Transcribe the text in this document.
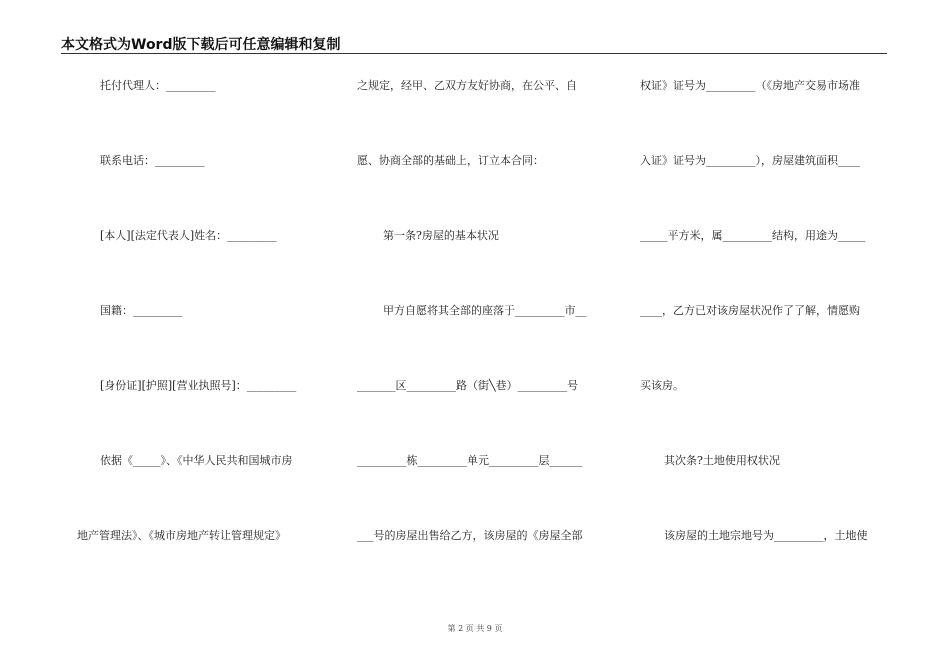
本文格式为Word版下载后可任意编辑和复制
托付代理人：_________
联系电话：_________
[本人][法定代表人]姓名：_________
国籍：_________
[身份证][护照][营业执照号]：_________
依据《_____》、《中华人民共和国城市房
地产管理法》、《城市房地产转让管理规定》
之规定，经甲、乙双方友好协商，在公平、自
愿、协商全部的基础上，订立本合同：
第一条?房屋的基本状况
甲方自愿将其全部的座落于_________市__
_______区_________路（街╲巷）_________号
_________栋_________单元_________层______
___号的房屋出售给乙方，该房屋的《房屋全部
权证》证号为_________（《房地产交易市场准
入证》证号为_________），房屋建筑面积____
_____平方米，属_________结构，用途为_____
____，乙方已对该房屋状况作了了解，情愿购
买该房。
其次条?土地使用权状况
该房屋的土地宗地号为_________，土地使
第 2 页 共 9 页
